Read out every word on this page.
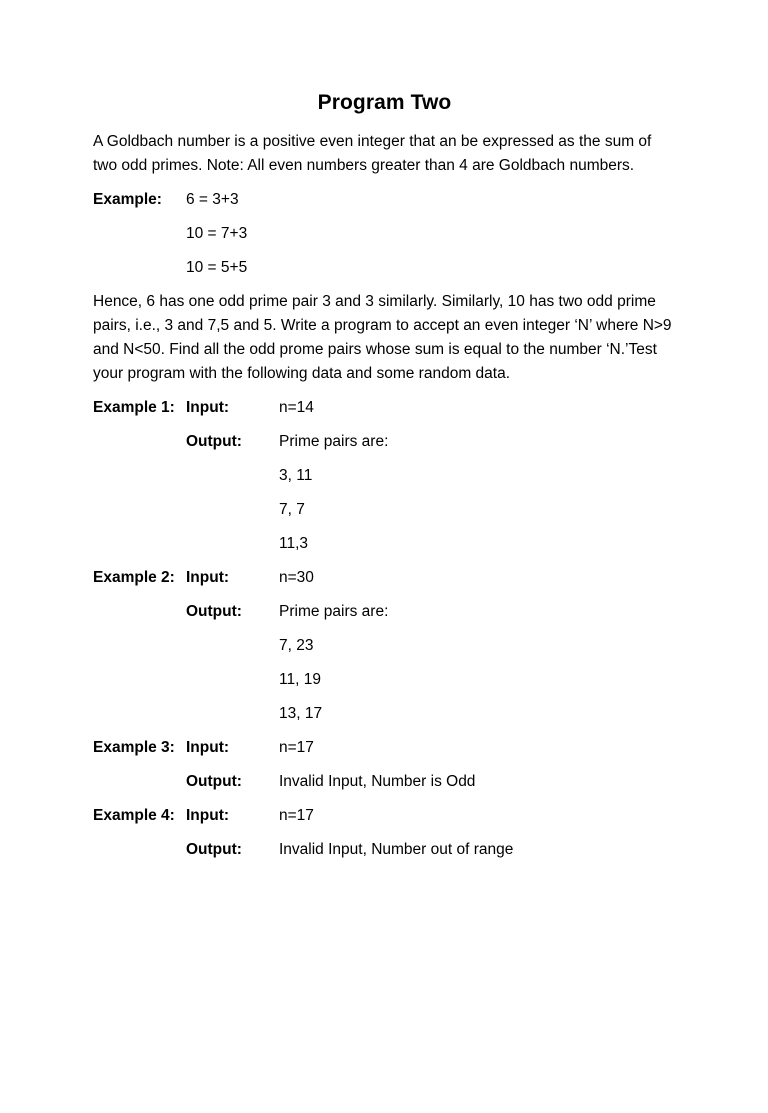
Program Two

A Goldbach number is a positive even integer that an be expressed as the sum of two odd primes. Note: All even numbers greater than 4 are Goldbach numbers.

Example:	6 = 3+3
10 = 7+3
10 = 5+5

Hence, 6 has one odd prime pair 3 and 3 similarly. Similarly, 10 has two odd prime pairs, i.e., 3 and 7,5 and 5. Write a program to accept an even integer ‘N’ where N>9 and N<50. Find all the odd prome pairs whose sum is equal to the number ‘N.’Test your program with the following data and some random data.

Example 1: Input:	n=14
Output:	Prime pairs are:
3, 11
7, 7
11,3
Example 2: Input:	n=30
Output:	Prime pairs are:
7, 23
11, 19
13, 17
Example 3: Input:	n=17
Output:	Invalid Input, Number is Odd
Example 4: Input:	n=17
Output:	Invalid Input, Number out of range
